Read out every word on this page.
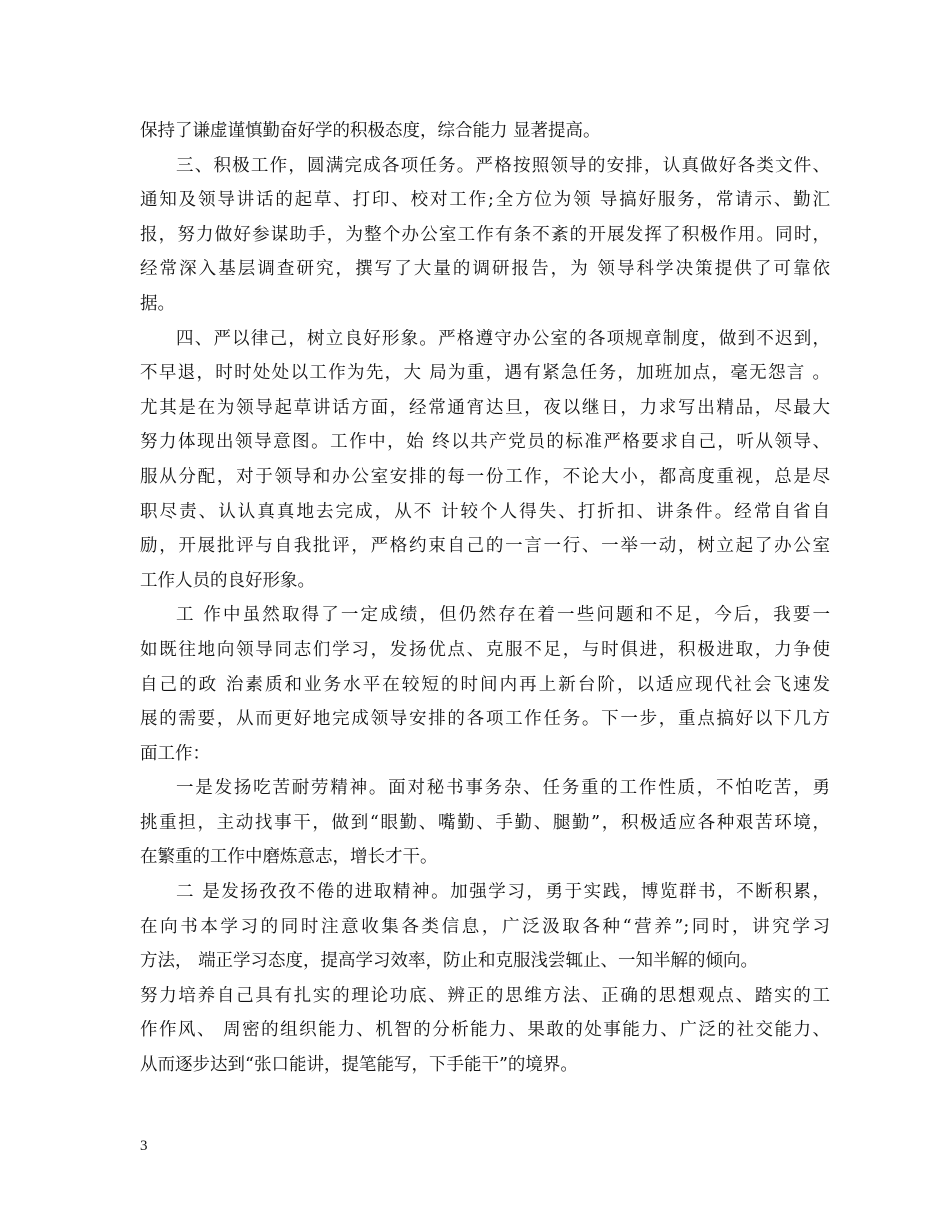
保持了谦虚谨慎勤奋好学的积极态度，综合能力 显著提高。
三、积极工作，圆满完成各项任务。严格按照领导的安排，认真做好各类文件、
通知及领导讲话的起草、打印、校对工作;全方位为领 导搞好服务，常请示、勤汇
报，努力做好参谋助手，为整个办公室工作有条不紊的开展发挥了积极作用。同时，
经常深入基层调查研究，撰写了大量的调研报告，为 领导科学决策提供了可靠依
据。
四、严以律己，树立良好形象。严格遵守办公室的各项规章制度，做到不迟到，
不早退，时时处处以工作为先，大 局为重，遇有紧急任务，加班加点，毫无怨言 。
尤其是在为领导起草讲话方面，经常通宵达旦，夜以继日，力求写出精品，尽最大
努力体现出领导意图。工作中，始 终以共产党员的标准严格要求自己，听从领导、
服从分配，对于领导和办公室安排的每一份工作，不论大小，都高度重视，总是尽
职尽责、认认真真地去完成，从不 计较个人得失、打折扣、讲条件。经常自省自
励，开展批评与自我批评，严格约束自己的一言一行、一举一动，树立起了办公室
工作人员的良好形象。
工 作中虽然取得了一定成绩，但仍然存在着一些问题和不足，今后，我要一
如既往地向领导同志们学习，发扬优点、克服不足，与时俱进，积极进取，力争使
自己的政 治素质和业务水平在较短的时间内再上新台阶，以适应现代社会飞速发
展的需要，从而更好地完成领导安排的各项工作任务。下一步，重点搞好以下几方
面工作：
一是发扬吃苦耐劳精神。面对秘书事务杂、任务重的工作性质，不怕吃苦，勇
挑重担，主动找事干，做到“眼勤、嘴勤、手勤、腿勤”，积极适应各种艰苦环境，
在繁重的工作中磨炼意志，增长才干。
二 是发扬孜孜不倦的进取精神。加强学习，勇于实践，博览群书，不断积累，
在向书本学习的同时注意收集各类信息，广泛汲取各种“营养”;同时，讲究学习
方法， 端正学习态度，提高学习效率，防止和克服浅尝辄止、一知半解的倾向。
努力培养自己具有扎实的理论功底、辨正的思维方法、正确的思想观点、踏实的工
作作风、 周密的组织能力、机智的分析能力、果敢的处事能力、广泛的社交能力、
从而逐步达到“张口能讲，提笔能写，下手能干”的境界。
3
